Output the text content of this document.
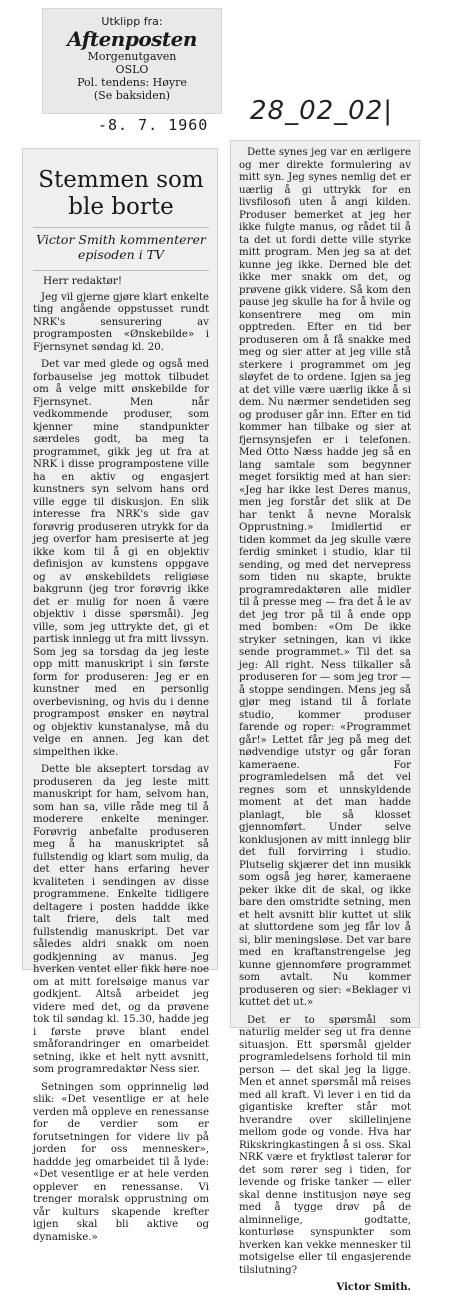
Utklipp fra:
Aftenposten
Morgenutgaven
OSLO
Pol. tendens: Høyre
(Se baksiden)
-8. 7. 1960 28_02_02|
Stemmen som ble borte
Victor Smith kommenterer episoden i TV
Herr redaktør!

Jeg vil gjerne gjøre klart enkelte ting angående oppstusset rundt NRK's sensurering av programposten «Ønskebilde» i Fjernsynet søndag kl. 20.

Det var med glede og også med forbauselse jeg mottok tilbudet om å velge mitt ønskebilde for Fjernsynet. Men når vedkommende produser, som kjenner mine standpunkter særdeles godt, ba meg ta programmet, gikk jeg ut fra at NRK i disse programpostene ville ha en aktiv og engasjert kunstners syn selvom hans ord ville egge til diskusjon. En slik interesse fra NRK's side gav forøvrig produseren utrykk for da jeg overfor ham presiserte at jeg ikke kom til å gi en objektiv definisjon av kunstens oppgave og av ønskebildets religiøse bakgrunn (jeg tror forøvrig ikke det er mulig for noen å være objektiv i disse spørsmål). Jeg ville, som jeg uttrykte det, gi et partisk innlegg ut fra mitt livssyn. Som jeg sa torsdag da jeg leste opp mitt manuskript i sin første form for produseren: Jeg er en kunstner med en personlig overbevisning, og hvis du i denne programpost ønsker en nøytral og objektiv kunstanalyse, må du velge en annen. Jeg kan det simpelthen ikke.

Dette ble akseptert torsdag av produseren da jeg leste mitt manuskript for ham, selvom han, som han sa, ville råde meg til å moderere enkelte meninger. Forøvrig anbefalte produseren meg å ha manuskriptet så fullstendig og klart som mulig, da det etter hans erfaring hever kvaliteten i sendingen av disse programmene. Enkelte tidligere deltagere i posten haddde ikke talt friere, dels talt med fullstendig manuskript. Det var således aldri snakk om noen godkjenning av manus. Jeg hverken ventet eller fikk høre noe om at mitt forelsøige manus var godkjent. Altså arbeidet jeg videre med det, og da prøvene tok til søndag kl. 15.30, hadde jeg i første prøve blant endel småforandringer en omarbeidet setning, ikke et helt nytt avsnitt, som programredaktør Ness sier.

Setningen som opprinnelig lød slik: «Det vesentlige er at hele verden må oppleve en renessanse for de verdier som er forutsetningen for videre liv på jorden for oss mennesker», haddde jeg omarbeidet til å lyde: «Det vesentlige er at hele verden opplever en renessanse. Vi trenger moralsk opprustning om vår kulturs skapende krefter igjen skal bli aktive og dynamiske.»

Dette synes jeg var en ærligere og mer direkte formulering av mitt syn. Jeg synes nemlig det er uærlig å gi uttrykk for en livsfilosofi uten å angi kilden. Produser bemerket at jeg her ikke fulgte manus, og rådet til å ta det ut fordi dette ville styrke mitt program. Men jeg sa at det kunne jeg ikke. Derned ble det ikke mer snakk om det, og prøvene gikk videre. Så kom den pause jeg skulle ha for å hvile og konsentrere meg om min opptreden. Efter en tid ber produseren om å få snakke med meg og sier atter at jeg ville stå sterkere i programmet om jeg sløyfet de to ordene. Igjen sa jeg at det ville være uærlig ikke å si dem. Nu nærmer sendetiden seg og produser går inn. Efter en tid kommer han tilbake og sier at fjernsynsjefen er i telefonen. Med Otto Næss hadde jeg så en lang samtale som begynner meget forsiktig med at han sier: «Jeg har ikke lest Deres manus, men jeg forstår det slik at De har tenkt å nevne Moralsk Opprustning.» Imidlertid er tiden kommet da jeg skulle være ferdig sminket i studio, klar til sending, og med det nervepress som tiden nu skapte, brukte programredaktøren alle midler til å presse meg — fra det å le av det jeg tror på til å ende opp med bomben: «Om De ikke stryker setningen, kan vi ikke sende programmet.» Til det sa jeg: All right. Ness tilkaller så produseren for — som jeg tror — å stoppe sendingen. Mens jeg så gjør meg istand til å forlate studio, kommer produser farende og roper: «Programmet går!» Lettet får jeg på meg det nødvendige utstyr og går foran kameraene. For programledelsen må det vel regnes som et unnskyldende moment at det man hadde planlagt, ble så klosset gjennomført. Under selve konklusjonen av mitt innlegg blir det full forvirring i studio. Plutselig skjærer det inn musikk som også jeg hører, kameraene peker ikke dit de skal, og ikke bare den omstridte setning, men et helt avsnitt blir kuttet ut slik at sluttordene som jeg får lov å si, blir meningsløse. Det var bare med en kraftanstrengelse jeg kunne gjennomføre programmet som avtalt. Nu kommer produseren og sier: «Beklager vi kuttet det ut.»

Det er to spørsmål som naturlig melder seg ut fra denne situasjon. Ett spørsmål gjelder programledelsens forhold til min person — det skal jeg la ligge. Men et annet spørsmål må reises med all kraft. Vi lever i en tid da gigantiske krefter står mot hverandre over skillelinjene mellom gode og vonde. Hva har Rikskringkastingen å si oss. Skal NRK være et fryktløst talerør for det som rører seg i tiden, for levende og friske tanker — eller skal denne institusjon nøye seg med å tygge drøv på de alminnelige, godtatte, konturløse synspunkter som hverken kan vekke mennesker til motsigelse eller til engasjerende tilslutning?

Victor Smith.
